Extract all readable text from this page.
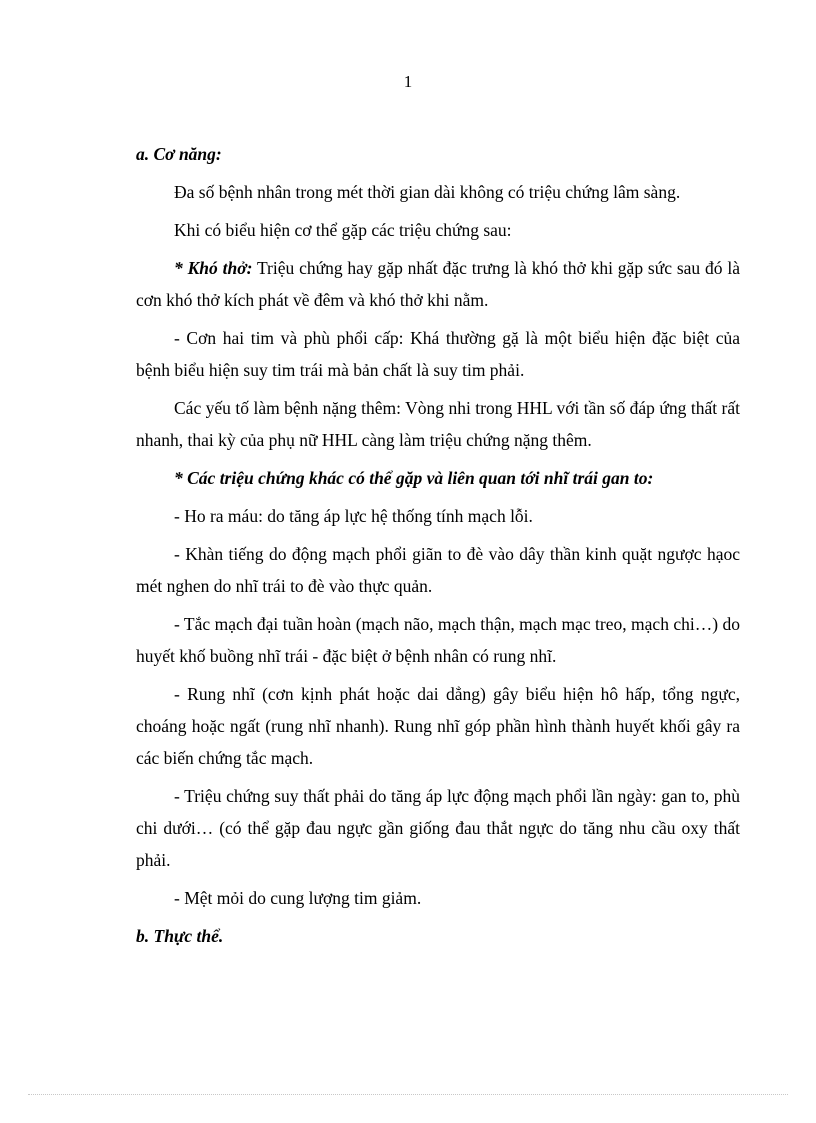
1
a. Cơ năng:

Đa số bệnh nhân trong mét thời gian dài không có triệu chứng lâm sàng.

Khi có biểu hiện cơ thể gặp các triệu chứng sau:

* Khó thở: Triệu chứng hay gặp nhất đặc trưng là khó thở khi gặp sức sau đó là cơn khó thở kích phát về đêm và khó thở khi nằm.

- Cơn hai tim và phù phổi cấp: Khá thường gặ là một biểu hiện đặc biệt của bệnh biểu hiện suy tim trái mà bản chất là suy tim phải.

Các yếu tố làm bệnh nặng thêm: Vòng nhi trong HHL với tần số đáp ứng thất rất nhanh, thai kỳ của phụ nữ HHL càng làm triệu chứng nặng thêm.

* Các triệu chứng khác có thể gặp và liên quan tới nhĩ trái gan to:

- Ho ra máu: do tăng áp lực hệ thống tính mạch lỗi.

- Khàn tiếng do động mạch phổi giãn to đè vào dây thần kinh quặt ngược hạoc mét nghen do nhĩ trái to đè vào thực quản.

- Tắc mạch đại tuần hoàn (mạch não, mạch thận, mạch mạc treo, mạch chi…) do huyết khố buồng nhĩ trái - đặc biệt ở bệnh nhân có rung nhĩ.

- Rung nhĩ (cơn kịnh phát hoặc dai dẳng) gây biểu hiện hô hấp, tổng ngực, choáng hoặc ngất (rung nhĩ nhanh). Rung nhĩ góp phần hình thành huyết khối gây ra các biến chứng tắc mạch.

- Triệu chứng suy thất phải do tăng áp lực động mạch phổi lần ngày: gan to, phù chi dưới… (có thể gặp đau ngực gần giống đau thắt ngực do tăng nhu cầu oxy thất phải.

- Mệt mỏi do cung lượng tim giảm.

b. Thực thể.
